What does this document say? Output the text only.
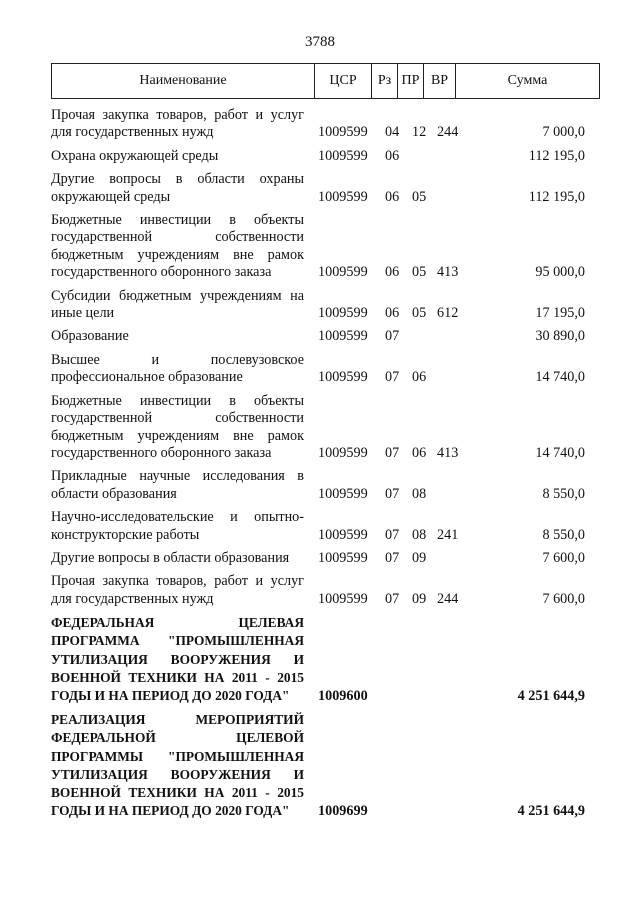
3788
Наименование	ЦСР	Рз ПР ВР	Сумма
Прочая закупка товаров, работ и услуг для государственных нужд	1009599 04 12 244	7 000,0
Охрана окружающей среды	1009599 06	112 195,0
Другие вопросы в области охраны окружающей среды	1009599 06 05	112 195,0
Бюджетные инвестиции в объекты государственной собственности бюджетным учреждениям вне рамок государственного оборонного заказа	1009599 06 05 413	95 000,0
Субсидии бюджетным учреждениям на иные цели	1009599 06 05 612	17 195,0
Образование	1009599 07	30 890,0
Высшее и послевузовское профессиональное образование	1009599 07 06	14 740,0
Бюджетные инвестиции в объекты государственной собственности бюджетным учреждениям вне рамок государственного оборонного заказа	1009599 07 06 413	14 740,0
Прикладные научные исследования в области образования	1009599 07 08	8 550,0
Научно-исследовательские и опытно-конструкторские работы	1009599 07 08 241	8 550,0
Другие вопросы в области образования	1009599 07 09	7 600,0
Прочая закупка товаров, работ и услуг для государственных нужд	1009599 07 09 244	7 600,0
ФЕДЕРАЛЬНАЯ ЦЕЛЕВАЯ ПРОГРАММА "ПРОМЫШЛЕННАЯ УТИЛИЗАЦИЯ ВООРУЖЕНИЯ И ВОЕННОЙ ТЕХНИКИ НА 2011 - 2015 ГОДЫ И НА ПЕРИОД ДО 2020 ГОДА"	1009600	4 251 644,9
РЕАЛИЗАЦИЯ МЕРОПРИЯТИЙ ФЕДЕРАЛЬНОЙ ЦЕЛЕВОЙ ПРОГРАММЫ "ПРОМЫШЛЕННАЯ УТИЛИЗАЦИЯ ВООРУЖЕНИЯ И ВОЕННОЙ ТЕХНИКИ НА 2011 - 2015 ГОДЫ И НА ПЕРИОД ДО 2020 ГОДА"	1009699	4 251 644,9
